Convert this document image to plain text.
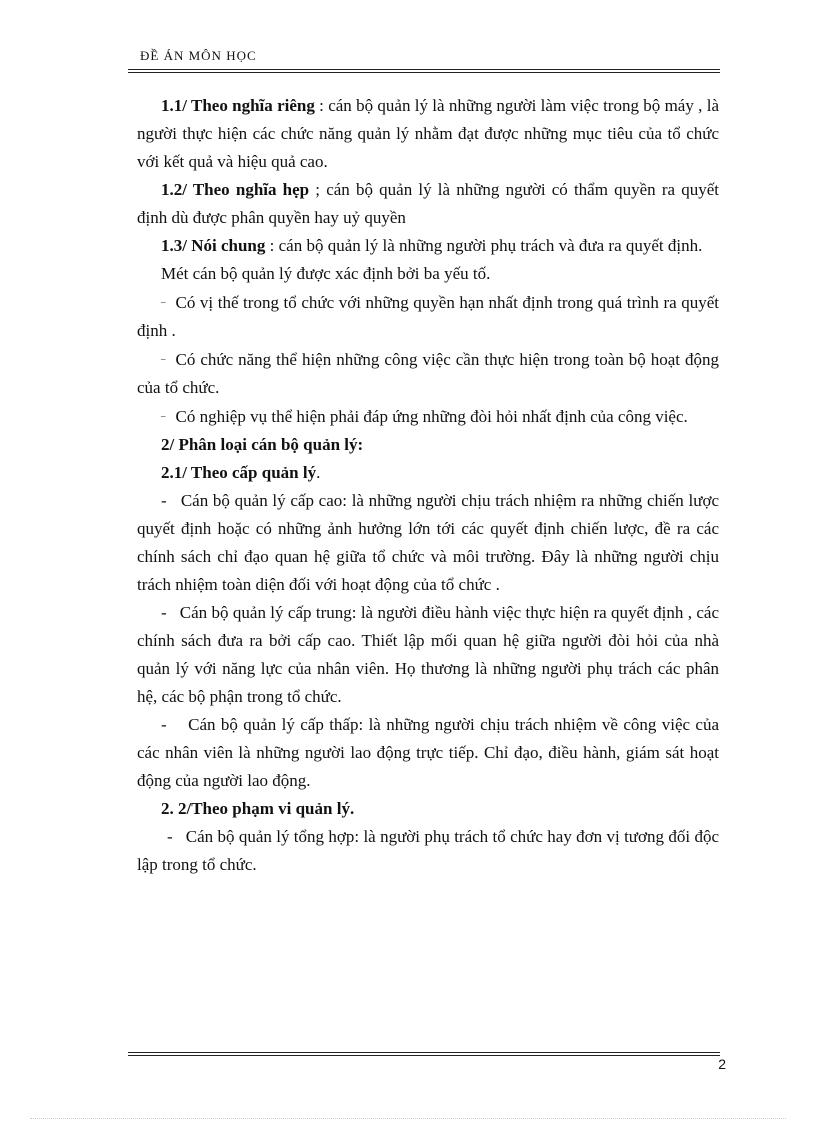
ĐỀ ÁN MÔN HỌC

1.1/ Theo nghĩa riêng : cán bộ quản lý là những người làm việc trong bộ máy , là người thực hiện các chức năng quản lý nhằm đạt được những mục tiêu của tổ chức với kết quả và hiệu quả cao.

1.2/ Theo nghĩa hẹp ; cán bộ quản lý là những người có thẩm quyền ra quyết định dù được phân quyền hay uỷ quyền

1.3/ Nói chung : cán bộ quản lý là những người phụ trách và đưa ra quyết định.

Mét cán bộ quản lý được xác định bởi ba yếu tố.

– Có vị thế trong tổ chức với những quyền hạn nhất định trong quá trình ra quyết định .

– Có chức năng thể hiện những công việc cần thực hiện trong toàn bộ hoạt động của tổ chức.

– Có nghiệp vụ thể hiện phải đáp ứng những đòi hỏi nhất định của công việc.

2/ Phân loại cán bộ quản lý:

2.1/ Theo cấp quản lý.

- Cán bộ quản lý cấp cao: là những người chịu trách nhiệm ra những chiến lược quyết định hoặc có những ảnh hưởng lớn tới các quyết định chiến lược, đề ra các chính sách chỉ đạo quan hệ giữa tổ chức và môi trường. Đây là những người chịu trách nhiệm toàn diện đối với hoạt động của tổ chức .

- Cán bộ quản lý cấp trung: là người điều hành việc thực hiện ra quyết định , các chính sách đưa ra bởi cấp cao. Thiết lập mối quan hệ giữa người đòi hỏi của nhà quản lý với năng lực của nhân viên. Họ thương là những người phụ trách các phân hệ, các bộ phận trong tổ chức.

- Cán bộ quản lý cấp thấp: là những người chịu trách nhiệm về công việc của các nhân viên là những người lao động trực tiếp. Chỉ đạo, điều hành, giám sát hoạt động của người lao động.

2. 2/Theo phạm vi quản lý.

- Cán bộ quản lý tổng hợp: là người phụ trách tổ chức hay đơn vị tương đối độc lập trong tổ chức.

2
